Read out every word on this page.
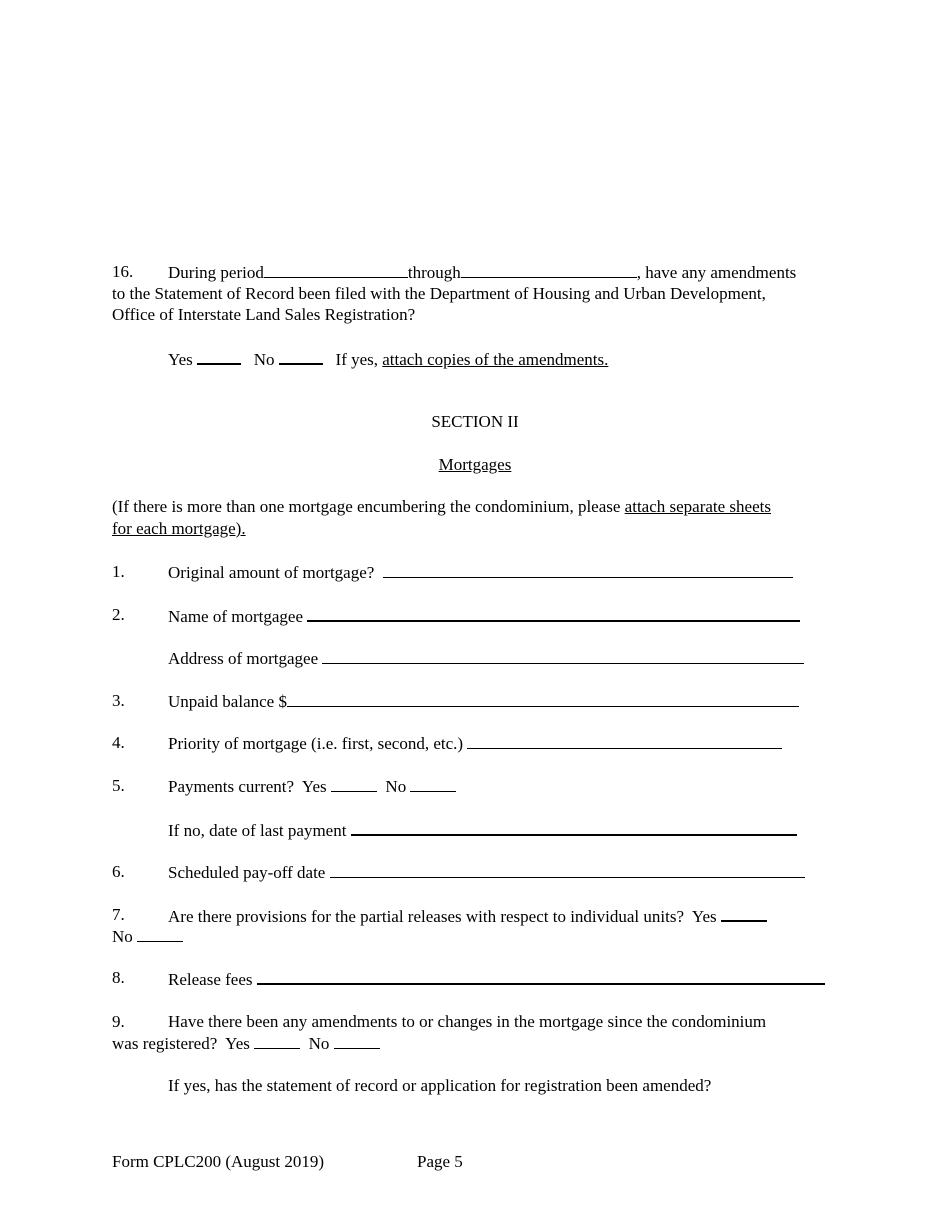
16. During period	through	, have any amendments
to the Statement of Record been filed with the Department of Housing and Urban Development,
Office of Interstate Land Sales Registration?
Yes	No	If yes, attach copies of the amendments.
SECTION II
Mortgages
(If there is more than one mortgage encumbering the condominium, please attach separate sheets
for each mortgage).
1.	Original amount of mortgage?
2.	Name of mortgagee
Address of mortgagee
3.	Unpaid balance $
4.	Priority of mortgage (i.e. first, second, etc.)
5.	Payments current? Yes	No
If no, date of last payment
6.	Scheduled pay-off date
7.	Are there provisions for the partial releases with respect to individual units? Yes
No
8.	Release fees
9.	Have there been any amendments to or changes in the mortgage since the condominium
was registered? Yes	No
If yes, has the statement of record or application for registration been amended?
Form CPLC200 (August 2019)	Page 5
